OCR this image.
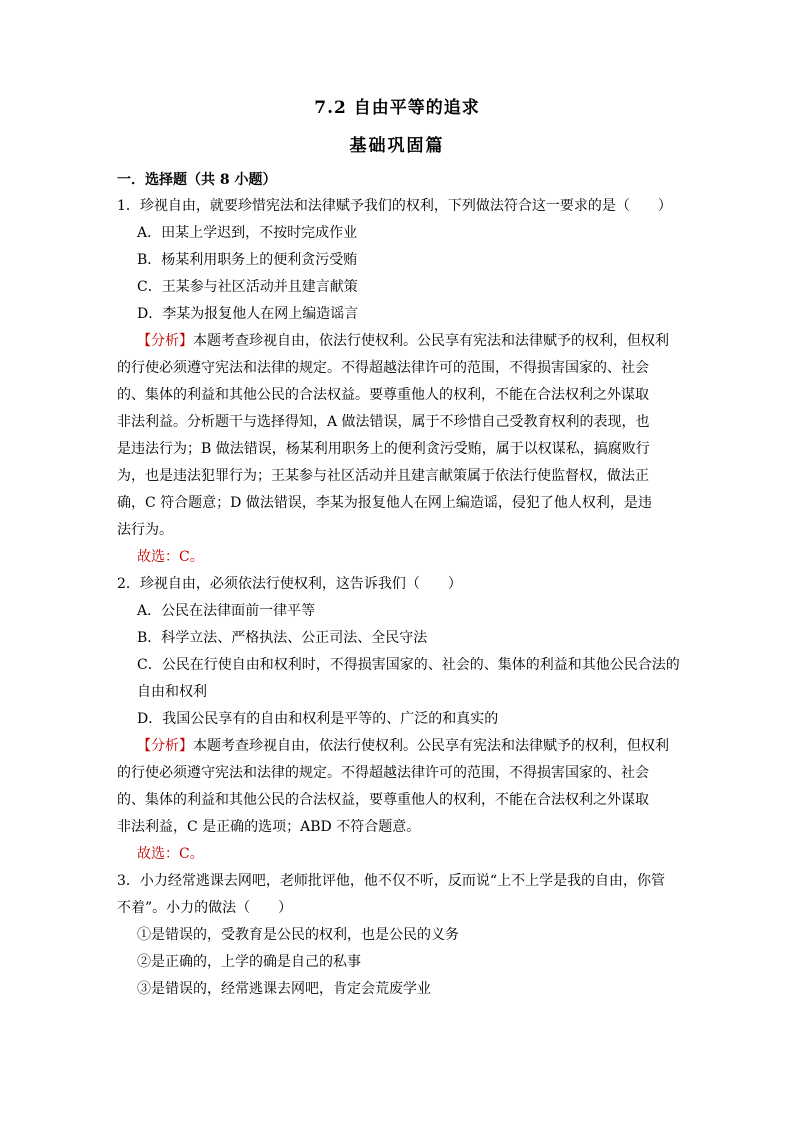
7.2 自由平等的追求
基础巩固篇
一．选择题（共 8 小题）
1．珍视自由，就要珍惜宪法和法律赋予我们的权利，下列做法符合这一要求的是（　　）
A．田某上学迟到，不按时完成作业
B．杨某利用职务上的便利贪污受贿
C．王某参与社区活动并且建言献策
D．李某为报复他人在网上编造谣言
【分析】本题考查珍视自由，依法行使权利。公民享有宪法和法律赋予的权利，但权利
的行使必须遵守宪法和法律的规定。不得超越法律许可的范围，不得损害国家的、社会
的、集体的利益和其他公民的合法权益。要尊重他人的权利，不能在合法权利之外谋取
非法利益。分析题干与选择得知，A 做法错误，属于不珍惜自己受教育权利的表现，也
是违法行为；B 做法错误，杨某利用职务上的便利贪污受贿，属于以权谋私，搞腐败行
为，也是违法犯罪行为；王某参与社区活动并且建言献策属于依法行使监督权，做法正
确，C 符合题意；D 做法错误，李某为报复他人在网上编造谣，侵犯了他人权利，是违
法行为。
故选：C。
2．珍视自由，必须依法行使权利，这告诉我们（　　）
A．公民在法律面前一律平等
B．科学立法、严格执法、公正司法、全民守法
C．公民在行使自由和权利时，不得损害国家的、社会的、集体的利益和其他公民合法的
自由和权利
D．我国公民享有的自由和权利是平等的、广泛的和真实的
【分析】本题考查珍视自由，依法行使权利。公民享有宪法和法律赋予的权利，但权利
的行使必须遵守宪法和法律的规定。不得超越法律许可的范围，不得损害国家的、社会
的、集体的利益和其他公民的合法权益，要尊重他人的权利，不能在合法权利之外谋取
非法利益，C 是正确的选项；ABD 不符合题意。
故选：C。
3．小力经常逃课去网吧，老师批评他，他不仅不听，反而说“上不上学是我的自由，你管
不着”。小力的做法（　　）
①是错误的，受教育是公民的权利，也是公民的义务
②是正确的，上学的确是自己的私事
③是错误的，经常逃课去网吧，肯定会荒废学业
